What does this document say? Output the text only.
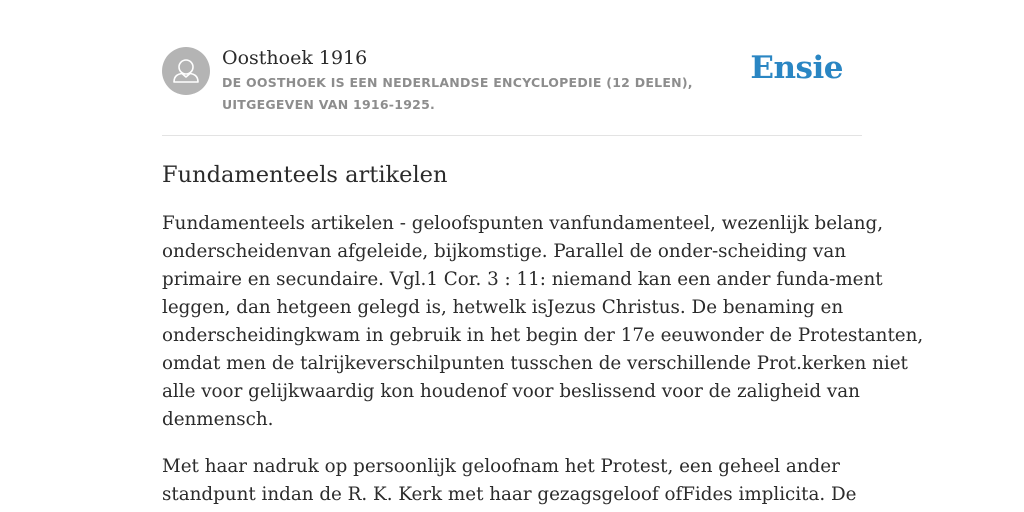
Oosthoek 1916
DE OOSTHOEK IS EEN NEDERLANDSE ENCYCLOPEDIE (12 DELEN), UITGEGEVEN VAN 1916-1925.
Ensie
Fundamenteels artikelen

Fundamenteels artikelen - geloofspunten vanfundamenteel, wezenlijk belang,
onderscheidenvan afgeleide, bijkomstige. Parallel de onder-scheiding van
primaire en secundaire. Vgl.1 Cor. 3 : 11: niemand kan een ander funda-ment
leggen, dan hetgeen gelegd is, hetwelk isJezus Christus. De benaming en
onderscheidingkwam in gebruik in het begin der 17e eeuwonder de Protestanten,
omdat men de talrijkeverschilpunten tusschen de verschillende Prot.kerken niet
alle voor gelijkwaardig kon houdenof voor beslissend voor de zaligheid van
denmensch.

Met haar nadruk op persoonlijk geloofnam het Protest, een geheel ander
standpunt indan de R. K. Kerk met haar gezagsgeloof ofFides implicita. De
